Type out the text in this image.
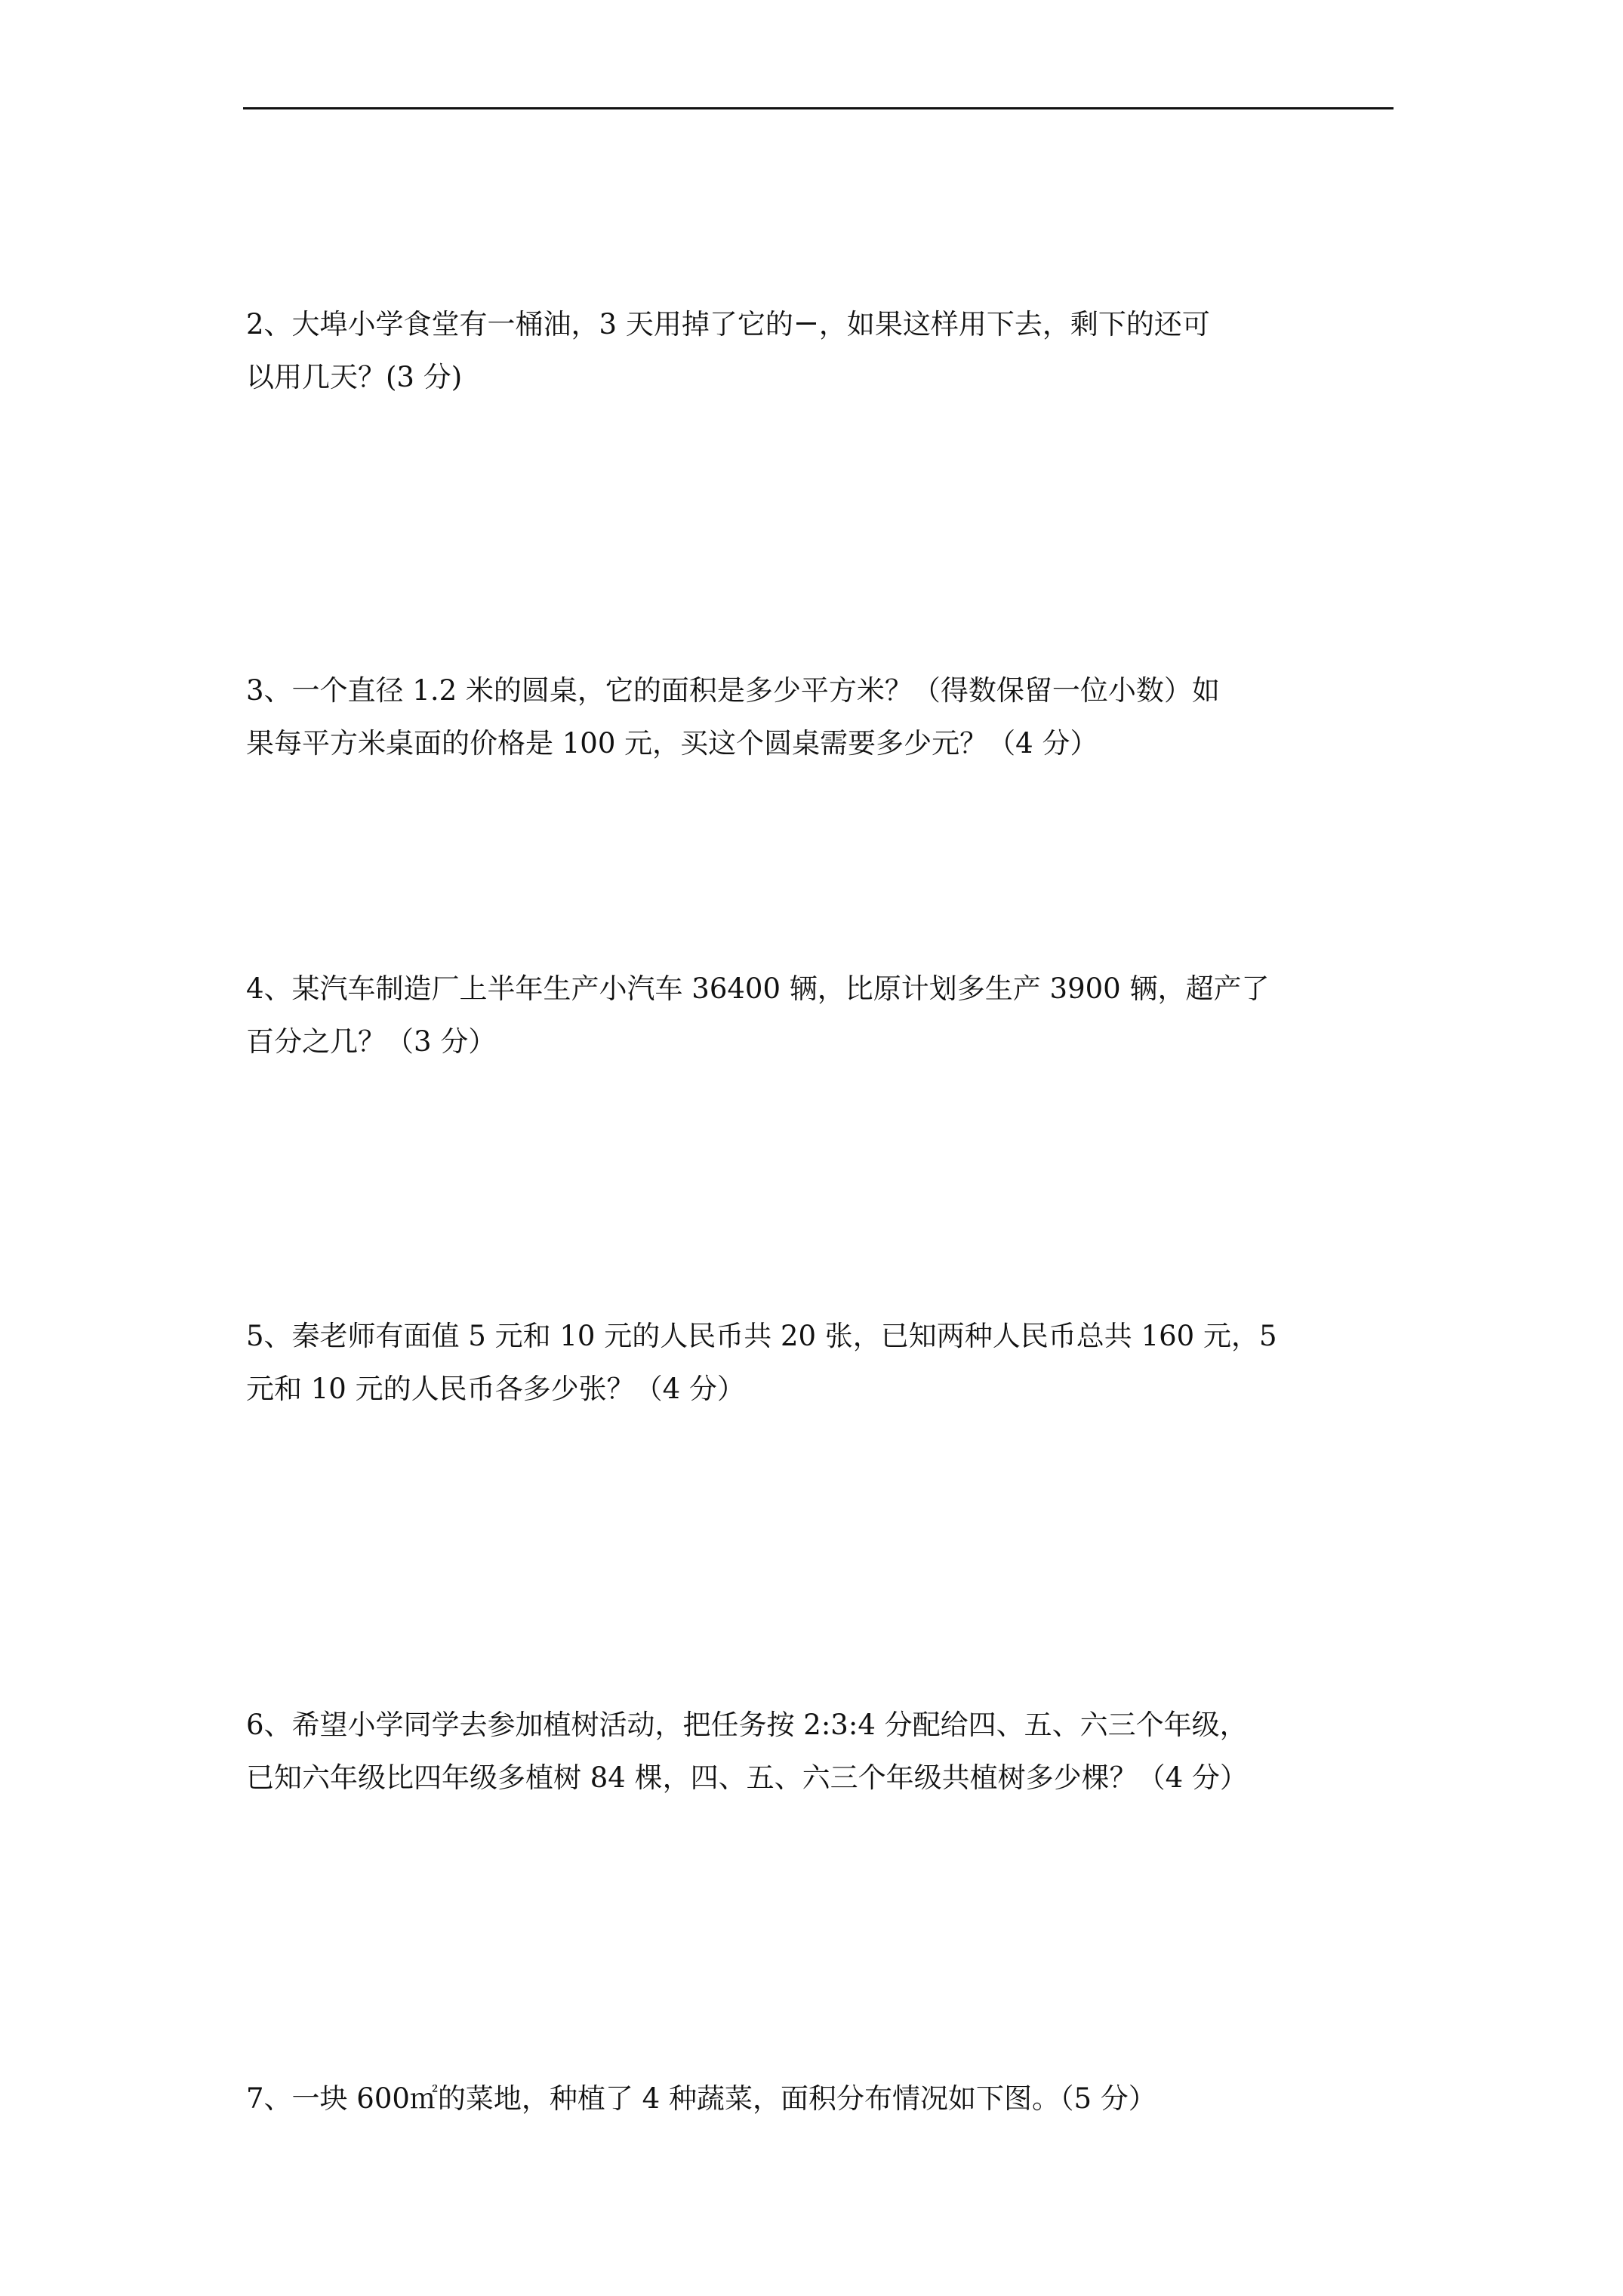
2、大埠小学食堂有一桶油，3 天用掉了它的 ，如果这样用下去，剩下的还可
以用几天？(3 分)
3、一个直径 1.2 米的圆桌，它的面积是多少平方米？（得数保留一位小数）如
果每平方米桌面的价格是 100 元，买这个圆桌需要多少元？（4 分）
4、某汽车制造厂上半年生产小汽车 36400 辆，比原计划多生产 3900 辆，超产了
百分之几？（3 分）
5、秦老师有面值 5 元和 10 元的人民币共 20 张，已知两种人民币总共 160 元，5
元和 10 元的人民币各多少张？（4 分）
6、希望小学同学去参加植树活动，把任务按 2:3:4 分配给四、五、六三个年级，
已知六年级比四年级多植树 84 棵，四、五、六三个年级共植树多少棵？（4 分）
7、一块 600㎡的菜地，种植了 4 种蔬菜，面积分布情况如下图。（5 分）
